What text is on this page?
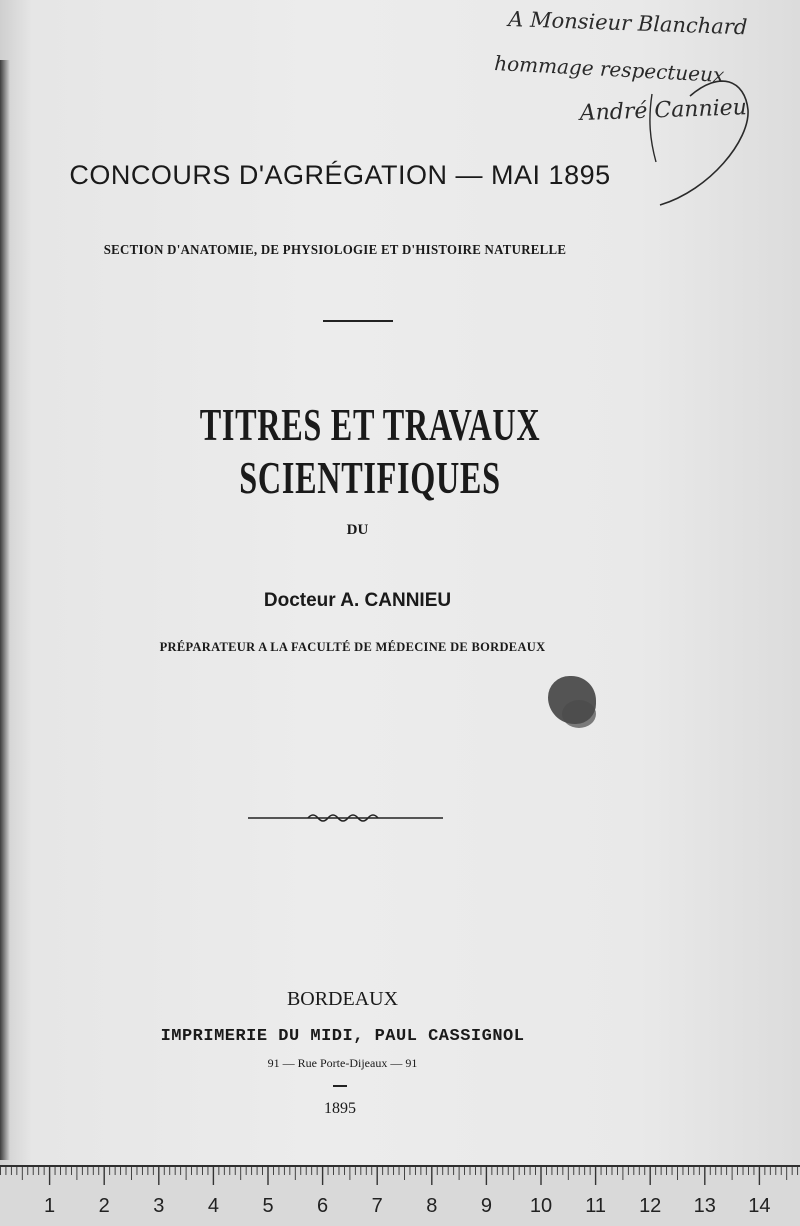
A Monsieur Blanchard
hommage respectueux
André Cannieu
CONCOURS D'AGRÉGATION — MAI 1895
SECTION D'ANATOMIE, DE PHYSIOLOGIE ET D'HISTOIRE NATURELLE
TITRES ET TRAVAUX SCIENTIFIQUES
DU
Docteur A. CANNIEU
PRÉPARATEUR A LA FACULTÉ DE MÉDECINE DE BORDEAUX
BORDEAUX
IMPRIMERIE DU MIDI, PAUL CASSIGNOL
91 — Rue Porte-Dijeaux — 91
1895
1 2 3 4 5 6 7 8 9 10 11 12 13 14
